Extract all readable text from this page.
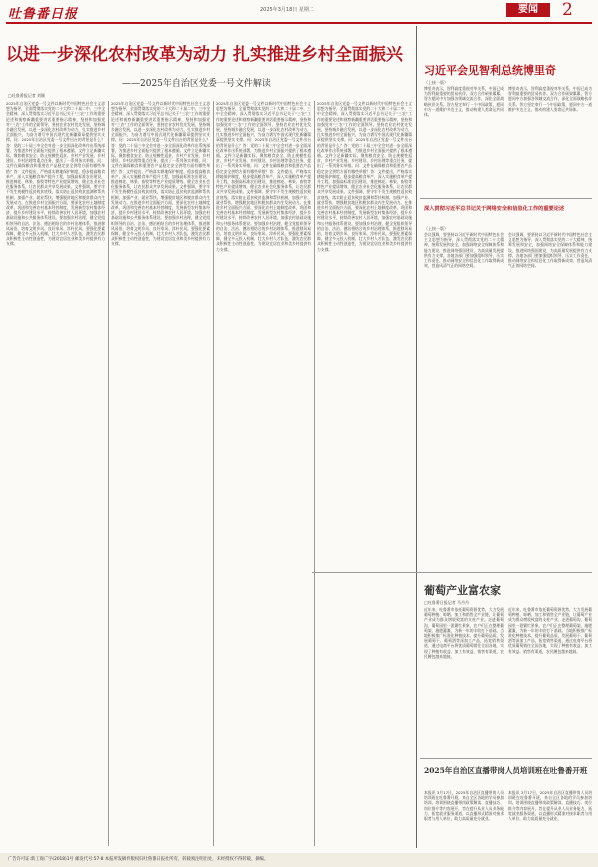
吐鲁番日报	2025年3月18日 星期二	要闻	2
以进一步深化农村改革为动力 扎实推进乡村全面振兴
——2025年自治区党委一号文件解读
□吐鲁番报记者 刘颖
2025年自治区党委一号文件以新时代中国特色社会主义思想为指导，全面贯彻落实党的二十大和二十届二中、三中全会精神，深入贯彻落实习近平总书记关于“三农”工作的重要论述和视察新疆重要讲话重要指示精神，坚持和加强党对“三农”工作的全面领导，坚持农业农村优先发展，坚持城乡融合发展，以进一步深化农村改革为动力，扎实推进乡村全面振兴，为奋力谱写中国式现代化新疆篇章提供坚实支撑。问：2025年自治区党委一号文件出台的背景是什么？答：党的二十届三中全会对进一步全面深化改革作出系统部署，为推进乡村全面振兴提供了根本遵循。文件立足新疆实际，聚焦粮食安全、防止规模性返贫、乡村产业发展、乡村建设、乡村治理等重点任务，提出了一系列务实举措。问：文件在确保粮食和重要农产品稳定安全供给方面有哪些举措？答：文件提出，严格落实耕地保护制度，稳步提高粮食单产，深入实施粮食单产提升工程，加强高标准农田建设，推进棉花、林果、畜牧等特色产业提质增效，健全农业社会化服务体系，让农民群众共享发展成果。文件强调，要守牢不发生规模性返贫致贫底线，落实防止返贫致贫监测和帮扶机制，加强产业、就业帮扶，增强脱贫地区和脱贫群众内生发展动力。在推进乡村全面振兴方面，要深化农村土地制度改革，巩固和完善农村基本经营制度，发展新型农村集体经济，提升乡村建设水平，持续改善农村人居环境，加强农村基础设施和公共服务体系建设。要加强乡村治理，健全党组织领导的自治、法治、德治相结合的乡村治理体系，推进移风易俗，培育文明乡风、良好家风、淳朴民风。要强化要素保障，健全多元投入机制，壮大乡村人才队伍，激发农民群众积极性主动性创造性，为建设宜居宜业和美乡村提供有力支撑。
2025年自治区党委一号文件以新时代中国特色社会主义思想为指导，全面贯彻落实党的二十大和二十届二中、三中全会精神，深入贯彻落实习近平总书记关于“三农”工作的重要论述和视察新疆重要讲话重要指示精神，坚持和加强党对“三农”工作的全面领导，坚持农业农村优先发展，坚持城乡融合发展，以进一步深化农村改革为动力，扎实推进乡村全面振兴，为奋力谱写中国式现代化新疆篇章提供坚实支撑。问：2025年自治区党委一号文件出台的背景是什么？答：党的二十届三中全会对进一步全面深化改革作出系统部署，为推进乡村全面振兴提供了根本遵循。文件立足新疆实际，聚焦粮食安全、防止规模性返贫、乡村产业发展、乡村建设、乡村治理等重点任务，提出了一系列务实举措。问：文件在确保粮食和重要农产品稳定安全供给方面有哪些举措？答：文件提出，严格落实耕地保护制度，稳步提高粮食单产，深入实施粮食单产提升工程，加强高标准农田建设，推进棉花、林果、畜牧等特色产业提质增效，健全农业社会化服务体系，让农民群众共享发展成果。文件强调，要守牢不发生规模性返贫致贫底线，落实防止返贫致贫监测和帮扶机制，加强产业、就业帮扶，增强脱贫地区和脱贫群众内生发展动力。在推进乡村全面振兴方面，要深化农村土地制度改革，巩固和完善农村基本经营制度，发展新型农村集体经济，提升乡村建设水平，持续改善农村人居环境，加强农村基础设施和公共服务体系建设。要加强乡村治理，健全党组织领导的自治、法治、德治相结合的乡村治理体系，推进移风易俗，培育文明乡风、良好家风、淳朴民风。要强化要素保障，健全多元投入机制，壮大乡村人才队伍，激发农民群众积极性主动性创造性，为建设宜居宜业和美乡村提供有力支撑。
2025年自治区党委一号文件以新时代中国特色社会主义思想为指导，全面贯彻落实党的二十大和二十届二中、三中全会精神，深入贯彻落实习近平总书记关于“三农”工作的重要论述和视察新疆重要讲话重要指示精神，坚持和加强党对“三农”工作的全面领导，坚持农业农村优先发展，坚持城乡融合发展，以进一步深化农村改革为动力，扎实推进乡村全面振兴，为奋力谱写中国式现代化新疆篇章提供坚实支撑。问：2025年自治区党委一号文件出台的背景是什么？答：党的二十届三中全会对进一步全面深化改革作出系统部署，为推进乡村全面振兴提供了根本遵循。文件立足新疆实际，聚焦粮食安全、防止规模性返贫、乡村产业发展、乡村建设、乡村治理等重点任务，提出了一系列务实举措。问：文件在确保粮食和重要农产品稳定安全供给方面有哪些举措？答：文件提出，严格落实耕地保护制度，稳步提高粮食单产，深入实施粮食单产提升工程，加强高标准农田建设，推进棉花、林果、畜牧等特色产业提质增效，健全农业社会化服务体系，让农民群众共享发展成果。文件强调，要守牢不发生规模性返贫致贫底线，落实防止返贫致贫监测和帮扶机制，加强产业、就业帮扶，增强脱贫地区和脱贫群众内生发展动力。在推进乡村全面振兴方面，要深化农村土地制度改革，巩固和完善农村基本经营制度，发展新型农村集体经济，提升乡村建设水平，持续改善农村人居环境，加强农村基础设施和公共服务体系建设。要加强乡村治理，健全党组织领导的自治、法治、德治相结合的乡村治理体系，推进移风易俗，培育文明乡风、良好家风、淳朴民风。要强化要素保障，健全多元投入机制，壮大乡村人才队伍，激发农民群众积极性主动性创造性，为建设宜居宜业和美乡村提供有力支撑。
2025年自治区党委一号文件以新时代中国特色社会主义思想为指导，全面贯彻落实党的二十大和二十届二中、三中全会精神，深入贯彻落实习近平总书记关于“三农”工作的重要论述和视察新疆重要讲话重要指示精神，坚持和加强党对“三农”工作的全面领导，坚持农业农村优先发展，坚持城乡融合发展，以进一步深化农村改革为动力，扎实推进乡村全面振兴，为奋力谱写中国式现代化新疆篇章提供坚实支撑。问：2025年自治区党委一号文件出台的背景是什么？答：党的二十届三中全会对进一步全面深化改革作出系统部署，为推进乡村全面振兴提供了根本遵循。文件立足新疆实际，聚焦粮食安全、防止规模性返贫、乡村产业发展、乡村建设、乡村治理等重点任务，提出了一系列务实举措。问：文件在确保粮食和重要农产品稳定安全供给方面有哪些举措？答：文件提出，严格落实耕地保护制度，稳步提高粮食单产，深入实施粮食单产提升工程，加强高标准农田建设，推进棉花、林果、畜牧等特色产业提质增效，健全农业社会化服务体系，让农民群众共享发展成果。文件强调，要守牢不发生规模性返贫致贫底线，落实防止返贫致贫监测和帮扶机制，加强产业、就业帮扶，增强脱贫地区和脱贫群众内生发展动力。在推进乡村全面振兴方面，要深化农村土地制度改革，巩固和完善农村基本经营制度，发展新型农村集体经济，提升乡村建设水平，持续改善农村人居环境，加强农村基础设施和公共服务体系建设。要加强乡村治理，健全党组织领导的自治、法治、德治相结合的乡村治理体系，推进移风易俗，培育文明乡风、良好家风、淳朴民风。要强化要素保障，健全多元投入机制，壮大乡村人才队伍，激发农民群众积极性主动性创造性，为建设宜居宜业和美乡村提供有力支撑。
习近平会见智利总统博里奇
（上接一版）
博里奇表示，智利高度重视对华关系，中国已成为智利最重要的贸易伙伴。双方合作硕果累累，智方愿同中方加强各领域交流合作，深化全面战略伙伴关系。智方坚定奉行一个中国政策，愿同中方一道维护多边主义，推动构建人类命运共同体。
博里奇表示，智利高度重视对华关系，中国已成为智利最重要的贸易伙伴。双方合作硕果累累，智方愿同中方加强各领域交流合作，深化全面战略伙伴关系。智方坚定奉行一个中国政策，愿同中方一道维护多边主义，推动构建人类命运共同体。
深入贯彻习近平总书记关于网络安全和信息化工作的重要论述
（上接一版）
会议强调，要坚持以习近平新时代中国特色社会主义思想为指导，深入贯彻落实党的二十大精神，统筹发展和安全，加强网络安全保障体系和能力建设，推进网络强国建设，为高质量发展提供有力支撑。各地各部门要加强组织领导，压实工作责任，推动网络安全和信息化工作取得新成效，营造风清气正的网络空间。
会议强调，要坚持以习近平新时代中国特色社会主义思想为指导，深入贯彻落实党的二十大精神，统筹发展和安全，加强网络安全保障体系和能力建设，推进网络强国建设，为高质量发展提供有力支撑。各地各部门要加强组织领导，压实工作责任，推动网络安全和信息化工作取得新成效，营造风清气正的网络空间。
葡萄产业富农家
□吐鲁番日报记者 马丹丹
近年来，吐鲁番市依托葡萄资源优势，大力发展葡萄种植、晾晒、加工和销售全产业链，让葡萄产业成为群众增收致富的支柱产业。走进葡萄沟，葡萄园里一派繁忙景象，农户们正在整理葡萄架、施肥灌溉，为新一年的丰收打下基础。当地积极推广标准化种植技术，提升葡萄品质，发展葡萄干、葡萄酒等深加工产品，拓宽销售渠道，通过电商平台将优质葡萄销往全国各地，实现了种植有收益、加工有效益、销售有渠道，农民腰包越来越鼓。
近年来，吐鲁番市依托葡萄资源优势，大力发展葡萄种植、晾晒、加工和销售全产业链，让葡萄产业成为群众增收致富的支柱产业。走进葡萄沟，葡萄园里一派繁忙景象，农户们正在整理葡萄架、施肥灌溉，为新一年的丰收打下基础。当地积极推广标准化种植技术，提升葡萄品质，发展葡萄干、葡萄酒等深加工产品，拓宽销售渠道，通过电商平台将优质葡萄销往全国各地，实现了种植有收益、加工有效益、销售有渠道，农民腰包越来越鼓。
2025年自治区直播带岗人员培训班在吐鲁番开班
本报讯 3月17日，2025年自治区直播带岗人员培训班在吐鲁番开班，来自全区各地的学员参加培训。培训围绕直播带岗政策解读、直播技巧、岗位推介等内容展开，旨在提升从业人员业务能力，拓宽就业服务渠道，以直播形式精准对接求职者与用人单位，助力高质量充分就业。
本报讯 3月17日，2025年自治区直播带岗人员培训班在吐鲁番开班，来自全区各地的学员参加培训。培训围绕直播带岗政策解读、直播技巧、岗位推介等内容展开，旨在提升从业人员业务能力，拓宽就业服务渠道，以直播形式精准对接求职者与用人单位，助力高质量充分就业。
广告许可证:新工商广字(2018)1号 邮发代号:57-8 本报所发稿件版权归吐鲁番日报社所有，转载须注明出处，未经授权不得转载、摘编。
